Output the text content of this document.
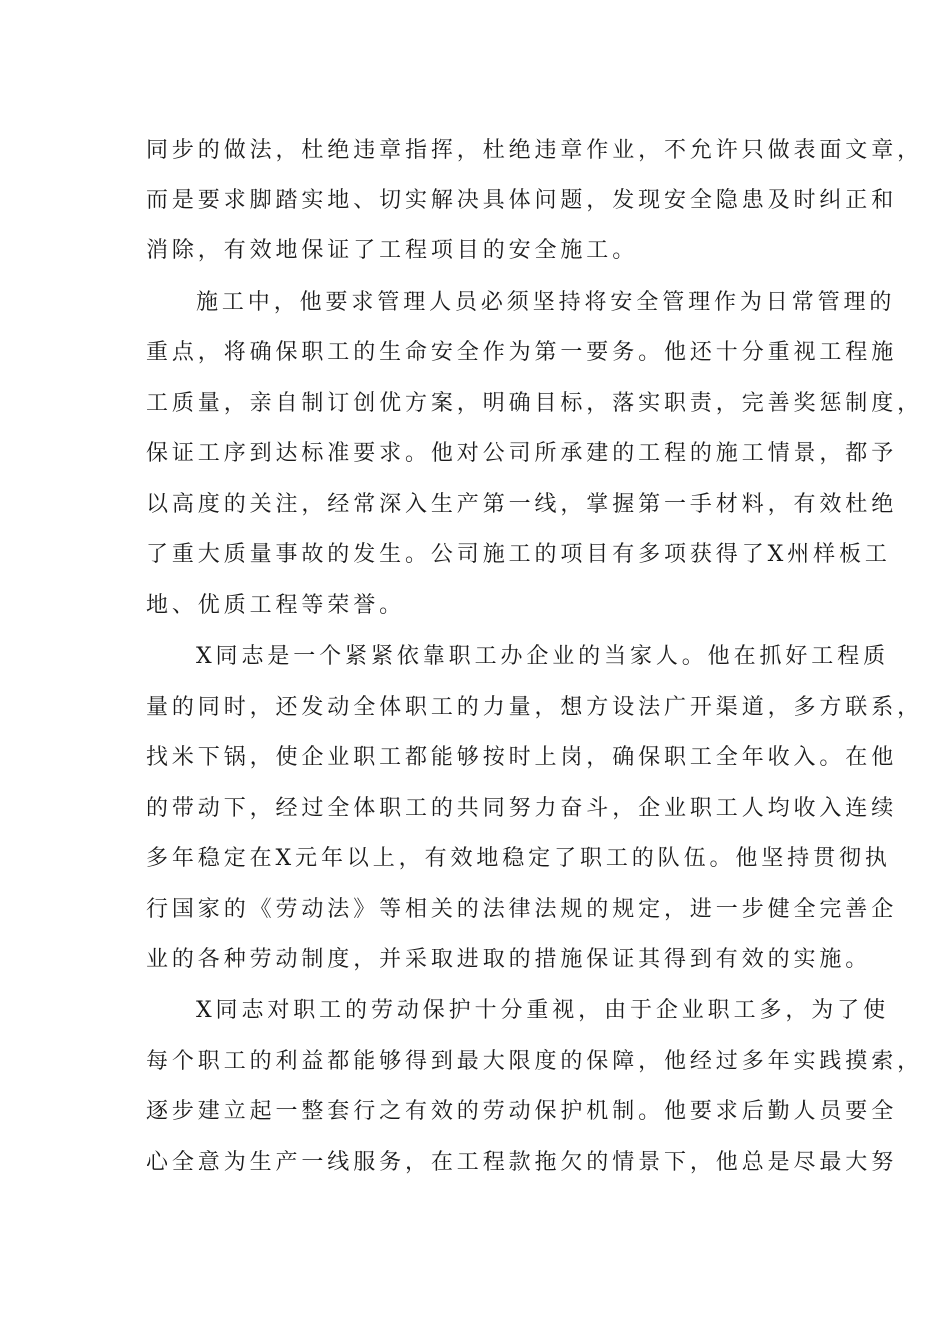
同步的做法，杜绝违章指挥，杜绝违章作业，不允许只做表面文章，
而是要求脚踏实地、切实解决具体问题，发现安全隐患及时纠正和
消除，有效地保证了工程项目的安全施工。
施工中，他要求管理人员必须坚持将安全管理作为日常管理的
重点，将确保职工的生命安全作为第一要务。他还十分重视工程施
工质量，亲自制订创优方案，明确目标，落实职责，完善奖惩制度，
保证工序到达标准要求。他对公司所承建的工程的施工情景，都予
以高度的关注，经常深入生产第一线，掌握第一手材料，有效杜绝
了重大质量事故的发生。公司施工的项目有多项获得了X州样板工
地、优质工程等荣誉。
X同志是一个紧紧依靠职工办企业的当家人。他在抓好工程质
量的同时，还发动全体职工的力量，想方设法广开渠道，多方联系，
找米下锅，使企业职工都能够按时上岗，确保职工全年收入。在他
的带动下，经过全体职工的共同努力奋斗，企业职工人均收入连续
多年稳定在X元年以上，有效地稳定了职工的队伍。他坚持贯彻执
行国家的《劳动法》等相关的法律法规的规定，进一步健全完善企
业的各种劳动制度，并采取进取的措施保证其得到有效的实施。
X同志对职工的劳动保护十分重视，由于企业职工多，为了使
每个职工的利益都能够得到最大限度的保障，他经过多年实践摸索，
逐步建立起一整套行之有效的劳动保护机制。他要求后勤人员要全
心全意为生产一线服务，在工程款拖欠的情景下，他总是尽最大努
